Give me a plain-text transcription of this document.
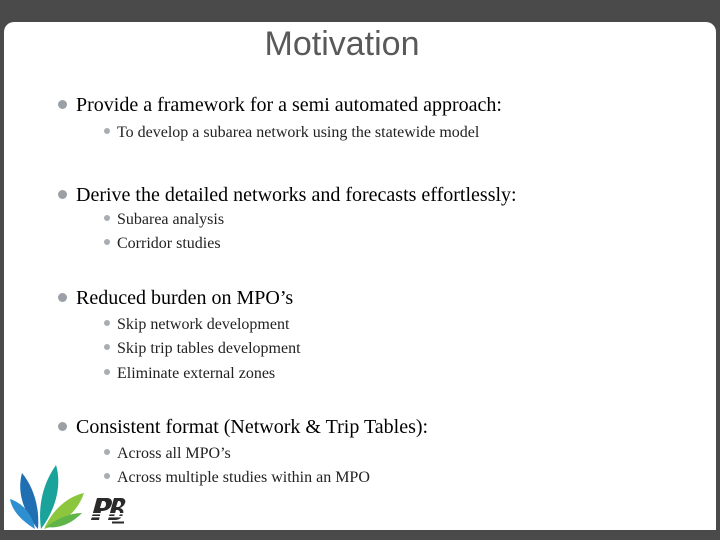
Motivation
Provide a framework for a semi automated approach:
To develop a subarea network using the statewide model
Derive the detailed networks and forecasts effortlessly:
Subarea analysis
Corridor studies
Reduced burden on MPO’s
Skip network development
Skip trip tables development
Eliminate external zones
Consistent format (Network & Trip Tables):
Across all MPO’s
Across multiple studies within an MPO
